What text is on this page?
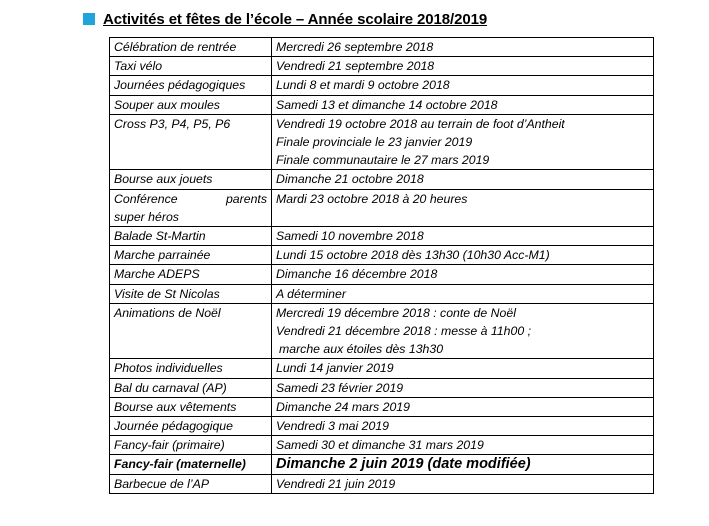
Activités et fêtes de l’école – Année scolaire 2018/2019
Célébration de rentrée	Mercredi 26 septembre 2018

Taxi vélo	Vendredi 21 septembre 2018

Journées pédagogiques	Lundi 8 et mardi 9 octobre 2018

Souper aux moules	Samedi 13 et dimanche 14 octobre 2018

Cross P3, P4, P5, P6	Vendredi 19 octobre 2018 au terrain de foot d’Antheit
Finale provinciale le 23 janvier 2019
Finale communautaire le 27 mars 2019

Bourse aux jouets	Dimanche 21 octobre 2018

Conférence parents
super héros	Mardi 23 octobre 2018 à 20 heures

Balade St-Martin	Samedi 10 novembre 2018

Marche parrainée	Lundi 15 octobre 2018 dès 13h30 (10h30 Acc-M1)

Marche ADEPS	Dimanche 16 décembre 2018

Visite de St Nicolas	A déterminer

Animations de Noël	Mercredi 19 décembre 2018 : conte de Noël
Vendredi 21 décembre 2018 : messe à 11h00 ;
marche aux étoiles dès 13h30

Photos individuelles	Lundi 14 janvier 2019

Bal du carnaval (AP)	Samedi 23 février 2019

Bourse aux vêtements	Dimanche 24 mars 2019

Journée pédagogique	Vendredi 3 mai 2019

Fancy-fair (primaire)	Samedi 30 et dimanche 31 mars 2019

Fancy-fair (maternelle)	Dimanche 2 juin 2019 (date modifiée)

Barbecue de l’AP	Vendredi 21 juin 2019
